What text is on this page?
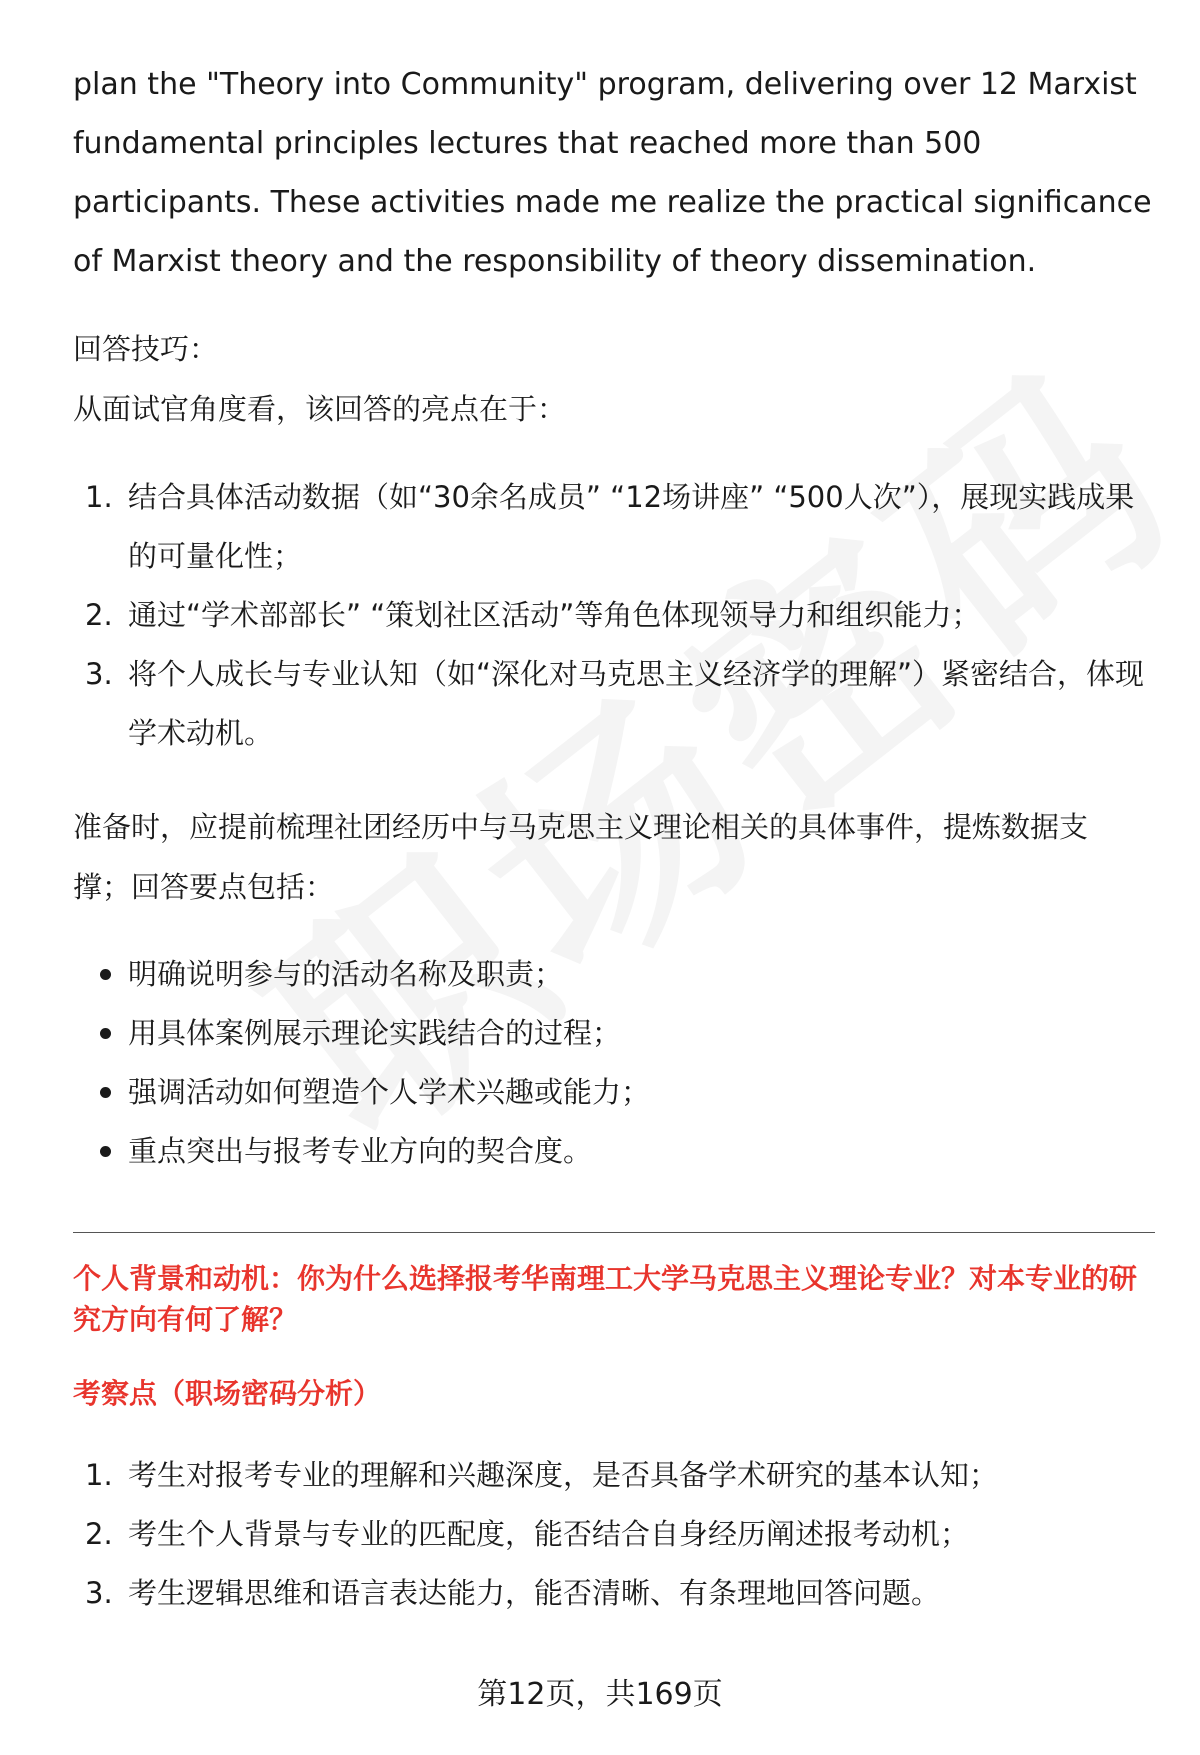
plan the "Theory into Community" program, delivering over 12 Marxist fundamental principles lectures that reached more than 500 participants. These activities made me realize the practical significance of Marxist theory and the responsibility of theory dissemination.

回答技巧：

从面试官角度看，该回答的亮点在于：

1. 结合具体活动数据（如“30余名成员” “12场讲座” “500人次”），展现实践成果的可量化性；
2. 通过“学术部部长” “策划社区活动”等角色体现领导力和组织能力；
3. 将个人成长与专业认知（如“深化对马克思主义经济学的理解”）紧密结合，体现学术动机。

准备时，应提前梳理社团经历中与马克思主义理论相关的具体事件，提炼数据支撑；回答要点包括：

明确说明参与的活动名称及职责；
用具体案例展示理论实践结合的过程；
强调活动如何塑造个人学术兴趣或能力；
重点突出与报考专业方向的契合度。

个人背景和动机：你为什么选择报考华南理工大学马克思主义理论专业？对本专业的研究方向有何了解？

考察点（职场密码分析）

1. 考生对报考专业的理解和兴趣深度，是否具备学术研究的基本认知；
2. 考生个人背景与专业的匹配度，能否结合自身经历阐述报考动机；
3. 考生逻辑思维和语言表达能力，能否清晰、有条理地回答问题。
第12页，共169页
